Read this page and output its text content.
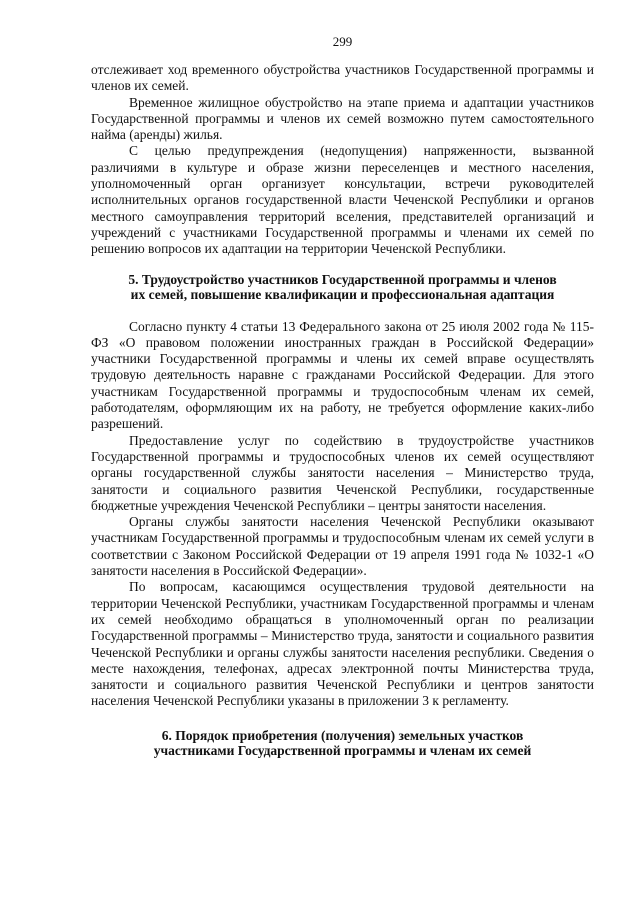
299

отслеживает ход временного обустройства участников Государственной программы и членов их семей.

Временное жилищное обустройство на этапе приема и адаптации участников Государственной программы и членов их семей возможно путем самостоятельного найма (аренды) жилья.

С целью предупреждения (недопущения) напряженности, вызванной различиями в культуре и образе жизни переселенцев и местного населения, уполномоченный орган организует консультации, встречи руководителей исполнительных органов государственной власти Чеченской Республики и органов местного самоуправления территорий вселения, представителей организаций и учреждений с участниками Государственной программы и членами их семей по решению вопросов их адаптации на территории Чеченской Республики.

5. Трудоустройство участников Государственной программы и членов
их семей, повышение квалификации и профессиональная адаптация

Согласно пункту 4 статьи 13 Федерального закона от 25 июля 2002 года № 115-ФЗ «О правовом положении иностранных граждан в Российской Федерации» участники Государственной программы и члены их семей вправе осуществлять трудовую деятельность наравне с гражданами Российской Федерации. Для этого участникам Государственной программы и трудоспособным членам их семей, работодателям, оформляющим их на работу, не требуется оформление каких-либо разрешений.

Предоставление услуг по содействию в трудоустройстве участников Государственной программы и трудоспособных членов их семей осуществляют органы государственной службы занятости населения – Министерство труда, занятости и социального развития Чеченской Республики, государственные бюджетные учреждения Чеченской Республики – центры занятости населения.

Органы службы занятости населения Чеченской Республики оказывают участникам Государственной программы и трудоспособным членам их семей услуги в соответствии с Законом Российской Федерации от 19 апреля 1991 года № 1032-1 «О занятости населения в Российской Федерации».

По вопросам, касающимся осуществления трудовой деятельности на территории Чеченской Республики, участникам Государственной программы и членам их семей необходимо обращаться в уполномоченный орган по реализации Государственной программы – Министерство труда, занятости и социального развития Чеченской Республики и органы службы занятости населения республики. Сведения о месте нахождения, телефонах, адресах электронной почты Министерства труда, занятости и социального развития Чеченской Республики и центров занятости населения Чеченской Республики указаны в приложении 3 к регламенту.

6. Порядок приобретения (получения) земельных участков
участниками Государственной программы и членам их семей
